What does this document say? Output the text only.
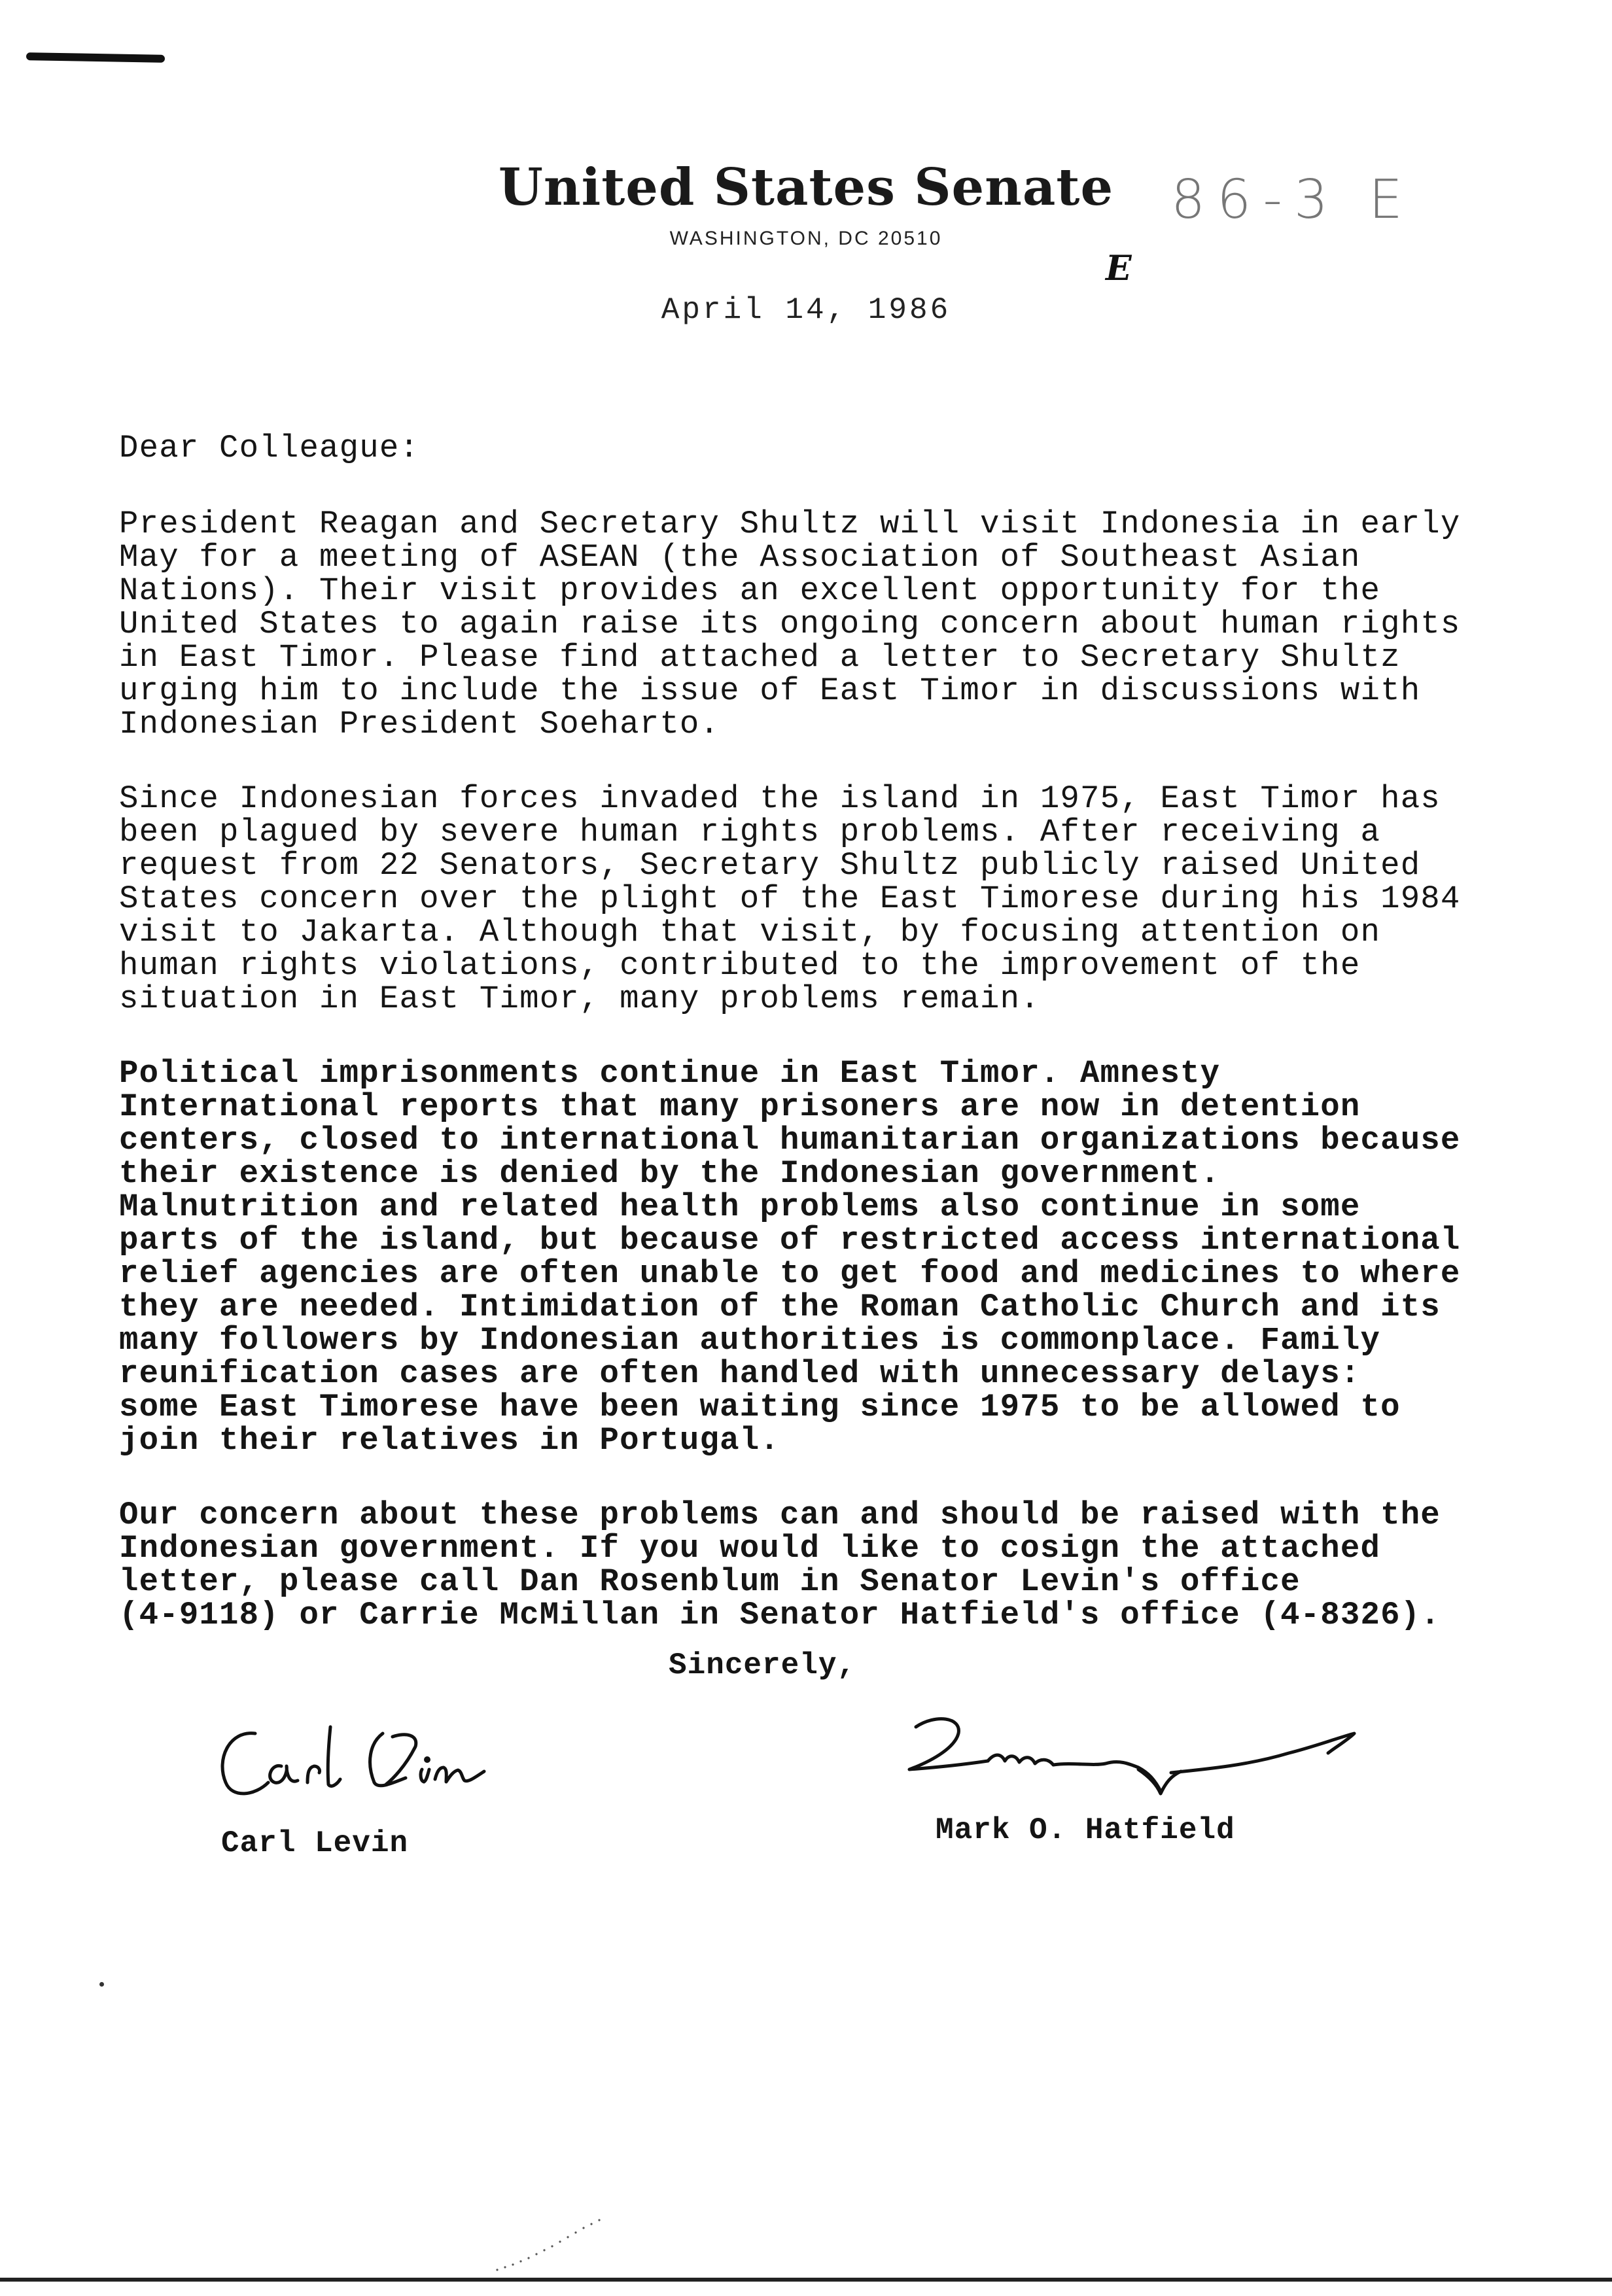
United States Senate
WASHINGTON, DC 20510
86-3 E
E
April 14, 1986
Dear Colleague:
President Reagan and Secretary Shultz will visit Indonesia in early
May for a meeting of ASEAN (the Association of Southeast Asian
Nations). Their visit provides an excellent opportunity for the
United States to again raise its ongoing concern about human rights
in East Timor. Please find attached a letter to Secretary Shultz
urging him to include the issue of East Timor in discussions with
Indonesian President Soeharto.
Since Indonesian forces invaded the island in 1975, East Timor has
been plagued by severe human rights problems. After receiving a
request from 22 Senators, Secretary Shultz publicly raised United
States concern over the plight of the East Timorese during his 1984
visit to Jakarta. Although that visit, by focusing attention on
human rights violations, contributed to the improvement of the
situation in East Timor, many problems remain.
Political imprisonments continue in East Timor. Amnesty
International reports that many prisoners are now in detention
centers, closed to international humanitarian organizations because
their existence is denied by the Indonesian government.
Malnutrition and related health problems also continue in some
parts of the island, but because of restricted access international
relief agencies are often unable to get food and medicines to where
they are needed. Intimidation of the Roman Catholic Church and its
many followers by Indonesian authorities is commonplace. Family
reunification cases are often handled with unnecessary delays:
some East Timorese have been waiting since 1975 to be allowed to
join their relatives in Portugal.
Our concern about these problems can and should be raised with the
Indonesian government. If you would like to cosign the attached
letter, please call Dan Rosenblum in Senator Levin's office
(4-9118) or Carrie McMillan in Senator Hatfield's office (4-8326).
Sincerely,
Carl Levin	Mark O. Hatfield
